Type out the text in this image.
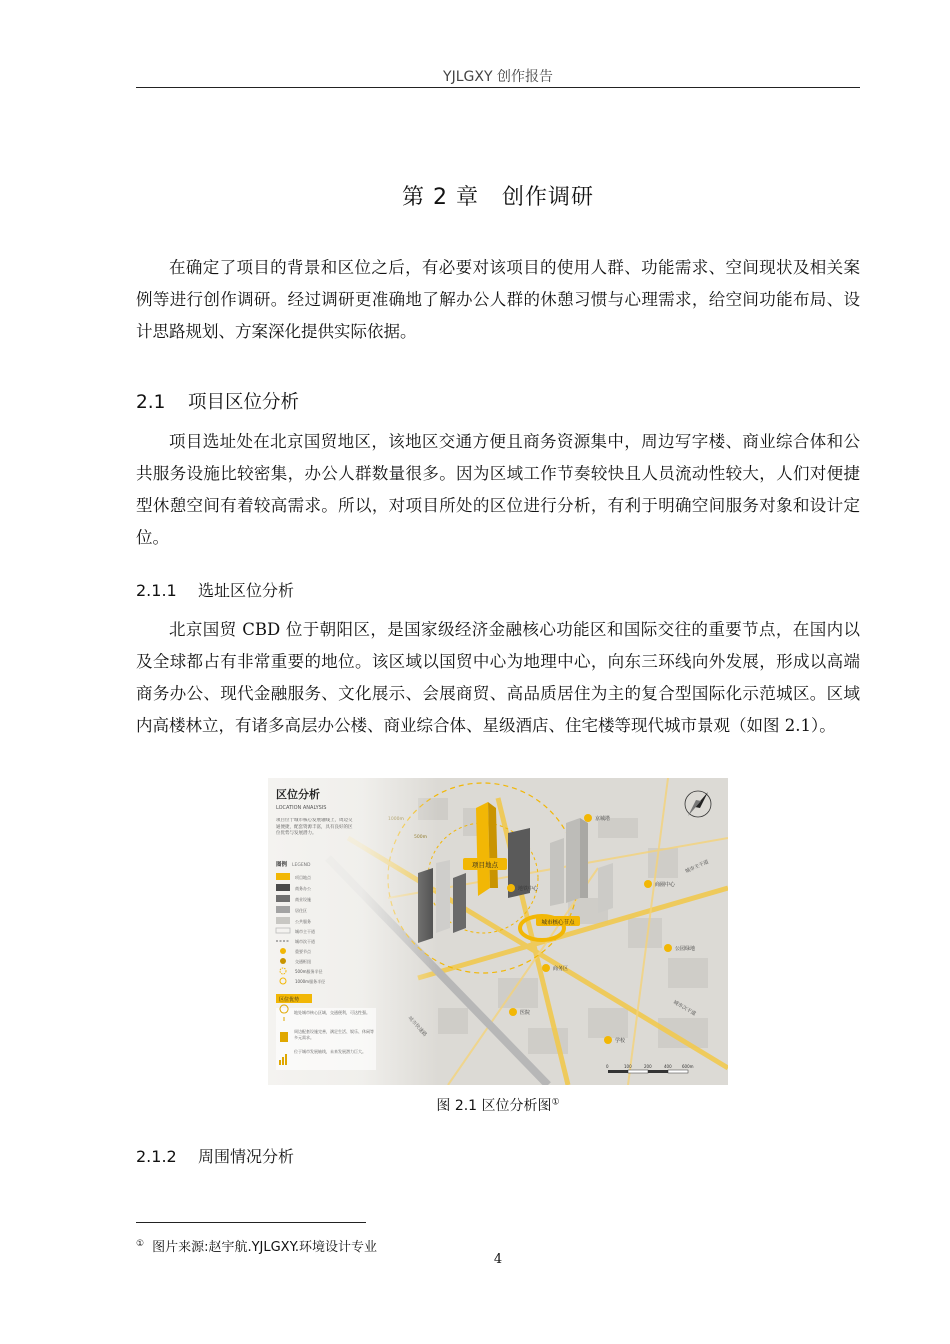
YJLGXY 创作报告
第 2 章　创作调研

在确定了项目的背景和区位之后，有必要对该项目的使用人群、功能需求、空间现状及相关案例等进行创作调研。经过调研更准确地了解办公人群的休憩习惯与心理需求，给空间功能布局、设计思路规划、方案深化提供实际依据。

2.1 项目区位分析

项目选址处在北京国贸地区，该地区交通方便且商务资源集中，周边写字楼、商业综合体和公共服务设施比较密集，办公人群数量很多。因为区域工作节奏较快且人员流动性较大，人们对便捷型休憩空间有着较高需求。所以，对项目所处的区位进行分析，有利于明确空间服务对象和设计定位。

2.1.1 选址区位分析

北京国贸 CBD 位于朝阳区，是国家级经济金融核心功能区和国际交往的重要节点，在国内以及全球都占有非常重要的地位。该区域以国贸中心为地理中心，向东三环线向外发展，形成以高端商务办公、现代金融服务、文化展示、会展商贸、高品质居住为主的复合型国际化示范城区。区域内高楼林立，有诸多高层办公楼、商业综合体、星级酒店、住宅楼等现代城市景观（如图 2.1）。

项目地点
城市核心节点
城市主干道
城市次干道
京城塔
商圈中心
地铁中心
公园绿地
商务区
医院
学校
区位分析
LOCATION ANALYSIS
项目位于城市核心发展轴线上，周边交通便捷，配套资源丰富，具有良好的区位优势与发展潜力。
图例 LEGEND
项目地点
商务办公
商业设施
居住区
公共服务
城市主干道
城市次干道
重要节点
交通枢纽
500m服务半径
1000m服务半径
区位优势
地处城市核心区域，交通便利，可达性强。
周边配套设施完善，满足生活、娱乐、休闲等多元需求。
位于城市发展轴线，未来发展潜力巨大。
0	100	200	400	600m
图 2.1 区位分析图①
2.1.2 周围情况分析
① 图片来源:赵宇航.YJLGXY.环境设计专业
4
